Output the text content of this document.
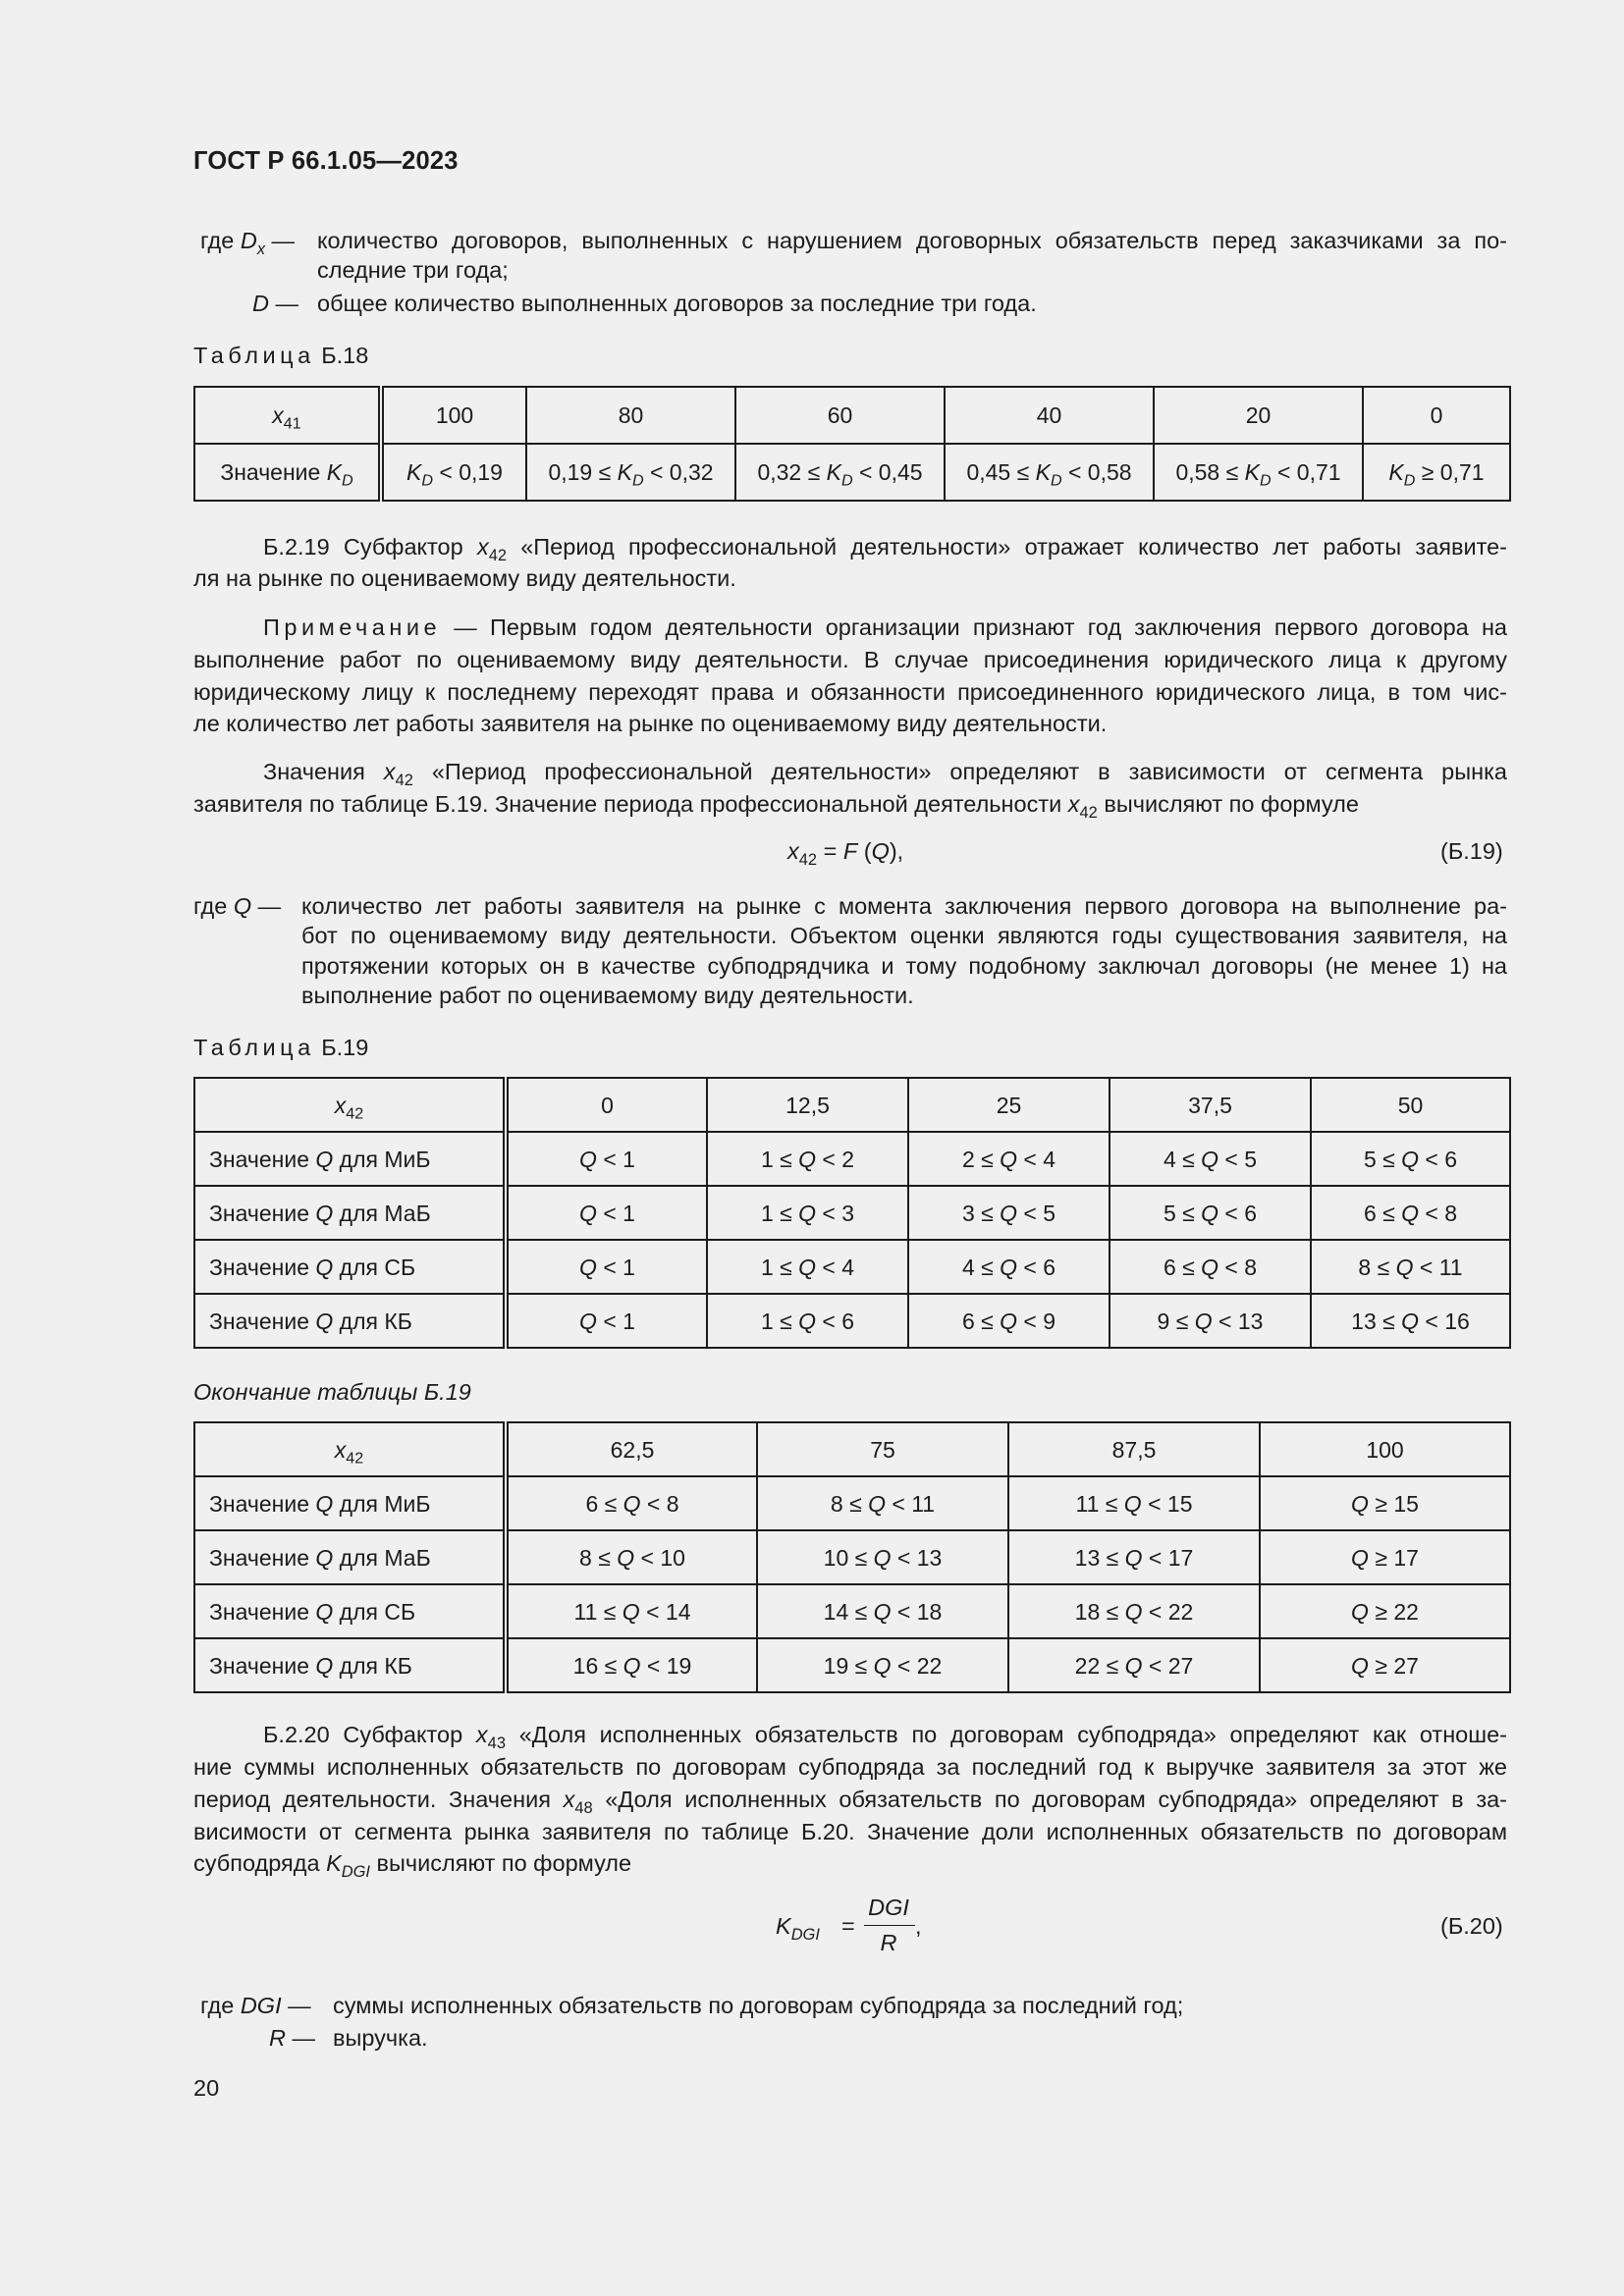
ГОСТ Р 66.1.05—2023
где $D_x$ — количество договоров, выполненных с нарушением договорных обязательств перед заказчиками за по-
следние три года;
D — общее количество выполненных договоров за последние три года.
Таблица Б.18
$x_{41}$	100	80	60	40	20	0
Значение $K_D$	$K_D < 0,19$	$0,19 \le K_D < 0,32$	$0,32 \le K_D < 0,45$	$0,45 \le K_D < 0,58$	$0,58 \le K_D < 0,71$	$K_D \ge 0,71$
Б.2.19 Субфактор $x_{42}$ «Период профессиональной деятельности» отражает количество лет работы заявите-
ля на рынке по оцениваемому виду деятельности.
Примечание — Первым годом деятельности организации признают год заключения первого договора на
выполнение работ по оцениваемому виду деятельности. В случае присоединения юридического лица к другому
юридическому лицу к последнему переходят права и обязанности присоединенного юридического лица, в том чис-
ле количество лет работы заявителя на рынке по оцениваемому виду деятельности.
Значения $x_{42}$ «Период профессиональной деятельности» определяют в зависимости от сегмента рынка
заявителя по таблице Б.19. Значение периода профессиональной деятельности $x_{42}$ вычисляют по формуле
$x_{42} = F$ (Q),	(Б.19)
где Q — количество лет работы заявителя на рынке с момента заключения первого договора на выполнение ра-
бот по оцениваемому виду деятельности. Объектом оценки являются годы существования заявителя, на
протяжении которых он в качестве субподрядчика и тому подобному заключал договоры (не менее 1) на
выполнение работ по оцениваемому виду деятельности.
Таблица Б.19
$x_{42}$	0	12,5	25	37,5	50
Значение Q для МиБ	Q < 1	1 ≤ Q < 2	2 ≤ Q < 4	4 ≤ Q < 5	5 ≤ Q < 6
Значение Q для МаБ	Q < 1	1 ≤ Q < 3	3 ≤ Q < 5	5 ≤ Q < 6	6 ≤ Q < 8
Значение Q для СБ	Q < 1	1 ≤ Q < 4	4 ≤ Q < 6	6 ≤ Q < 8	8 ≤ Q < 11
Значение Q для КБ	Q < 1	1 ≤ Q < 6	6 ≤ Q < 9	9 ≤ Q < 13	13 ≤ Q < 16
Окончание таблицы Б.19
$x_{42}$	62,5	75	87,5	100
Значение Q для МиБ	6 ≤ Q < 8	8 ≤ Q < 11	11 ≤ Q < 15	Q ≥ 15
Значение Q для МаБ	8 ≤ Q < 10	10 ≤ Q < 13	13 ≤ Q < 17	Q ≥ 17
Значение Q для СБ	11 ≤ Q < 14	14 ≤ Q < 18	18 ≤ Q < 22	Q ≥ 22
Значение Q для КБ	16 ≤ Q < 19	19 ≤ Q < 22	22 ≤ Q < 27	Q ≥ 27
Б.2.20 Субфактор $x_{43}$ «Доля исполненных обязательств по договорам субподряда» определяют как отноше-
ние суммы исполненных обязательств по договорам субподряда за последний год к выручке заявителя за этот же
период деятельности. Значения $x_{48}$ «Доля исполненных обязательств по договорам субподряда» определяют в за-
висимости от сегмента рынка заявителя по таблице Б.20. Значение доли исполненных обязательств по договорам
субподряда $K_{DGI}$ вычисляют по формуле
$K_{DGI}$ =
DGI
R
,	(Б.20)
где DGI — суммы исполненных обязательств по договорам субподряда за последний год;
R — выручка.
20
